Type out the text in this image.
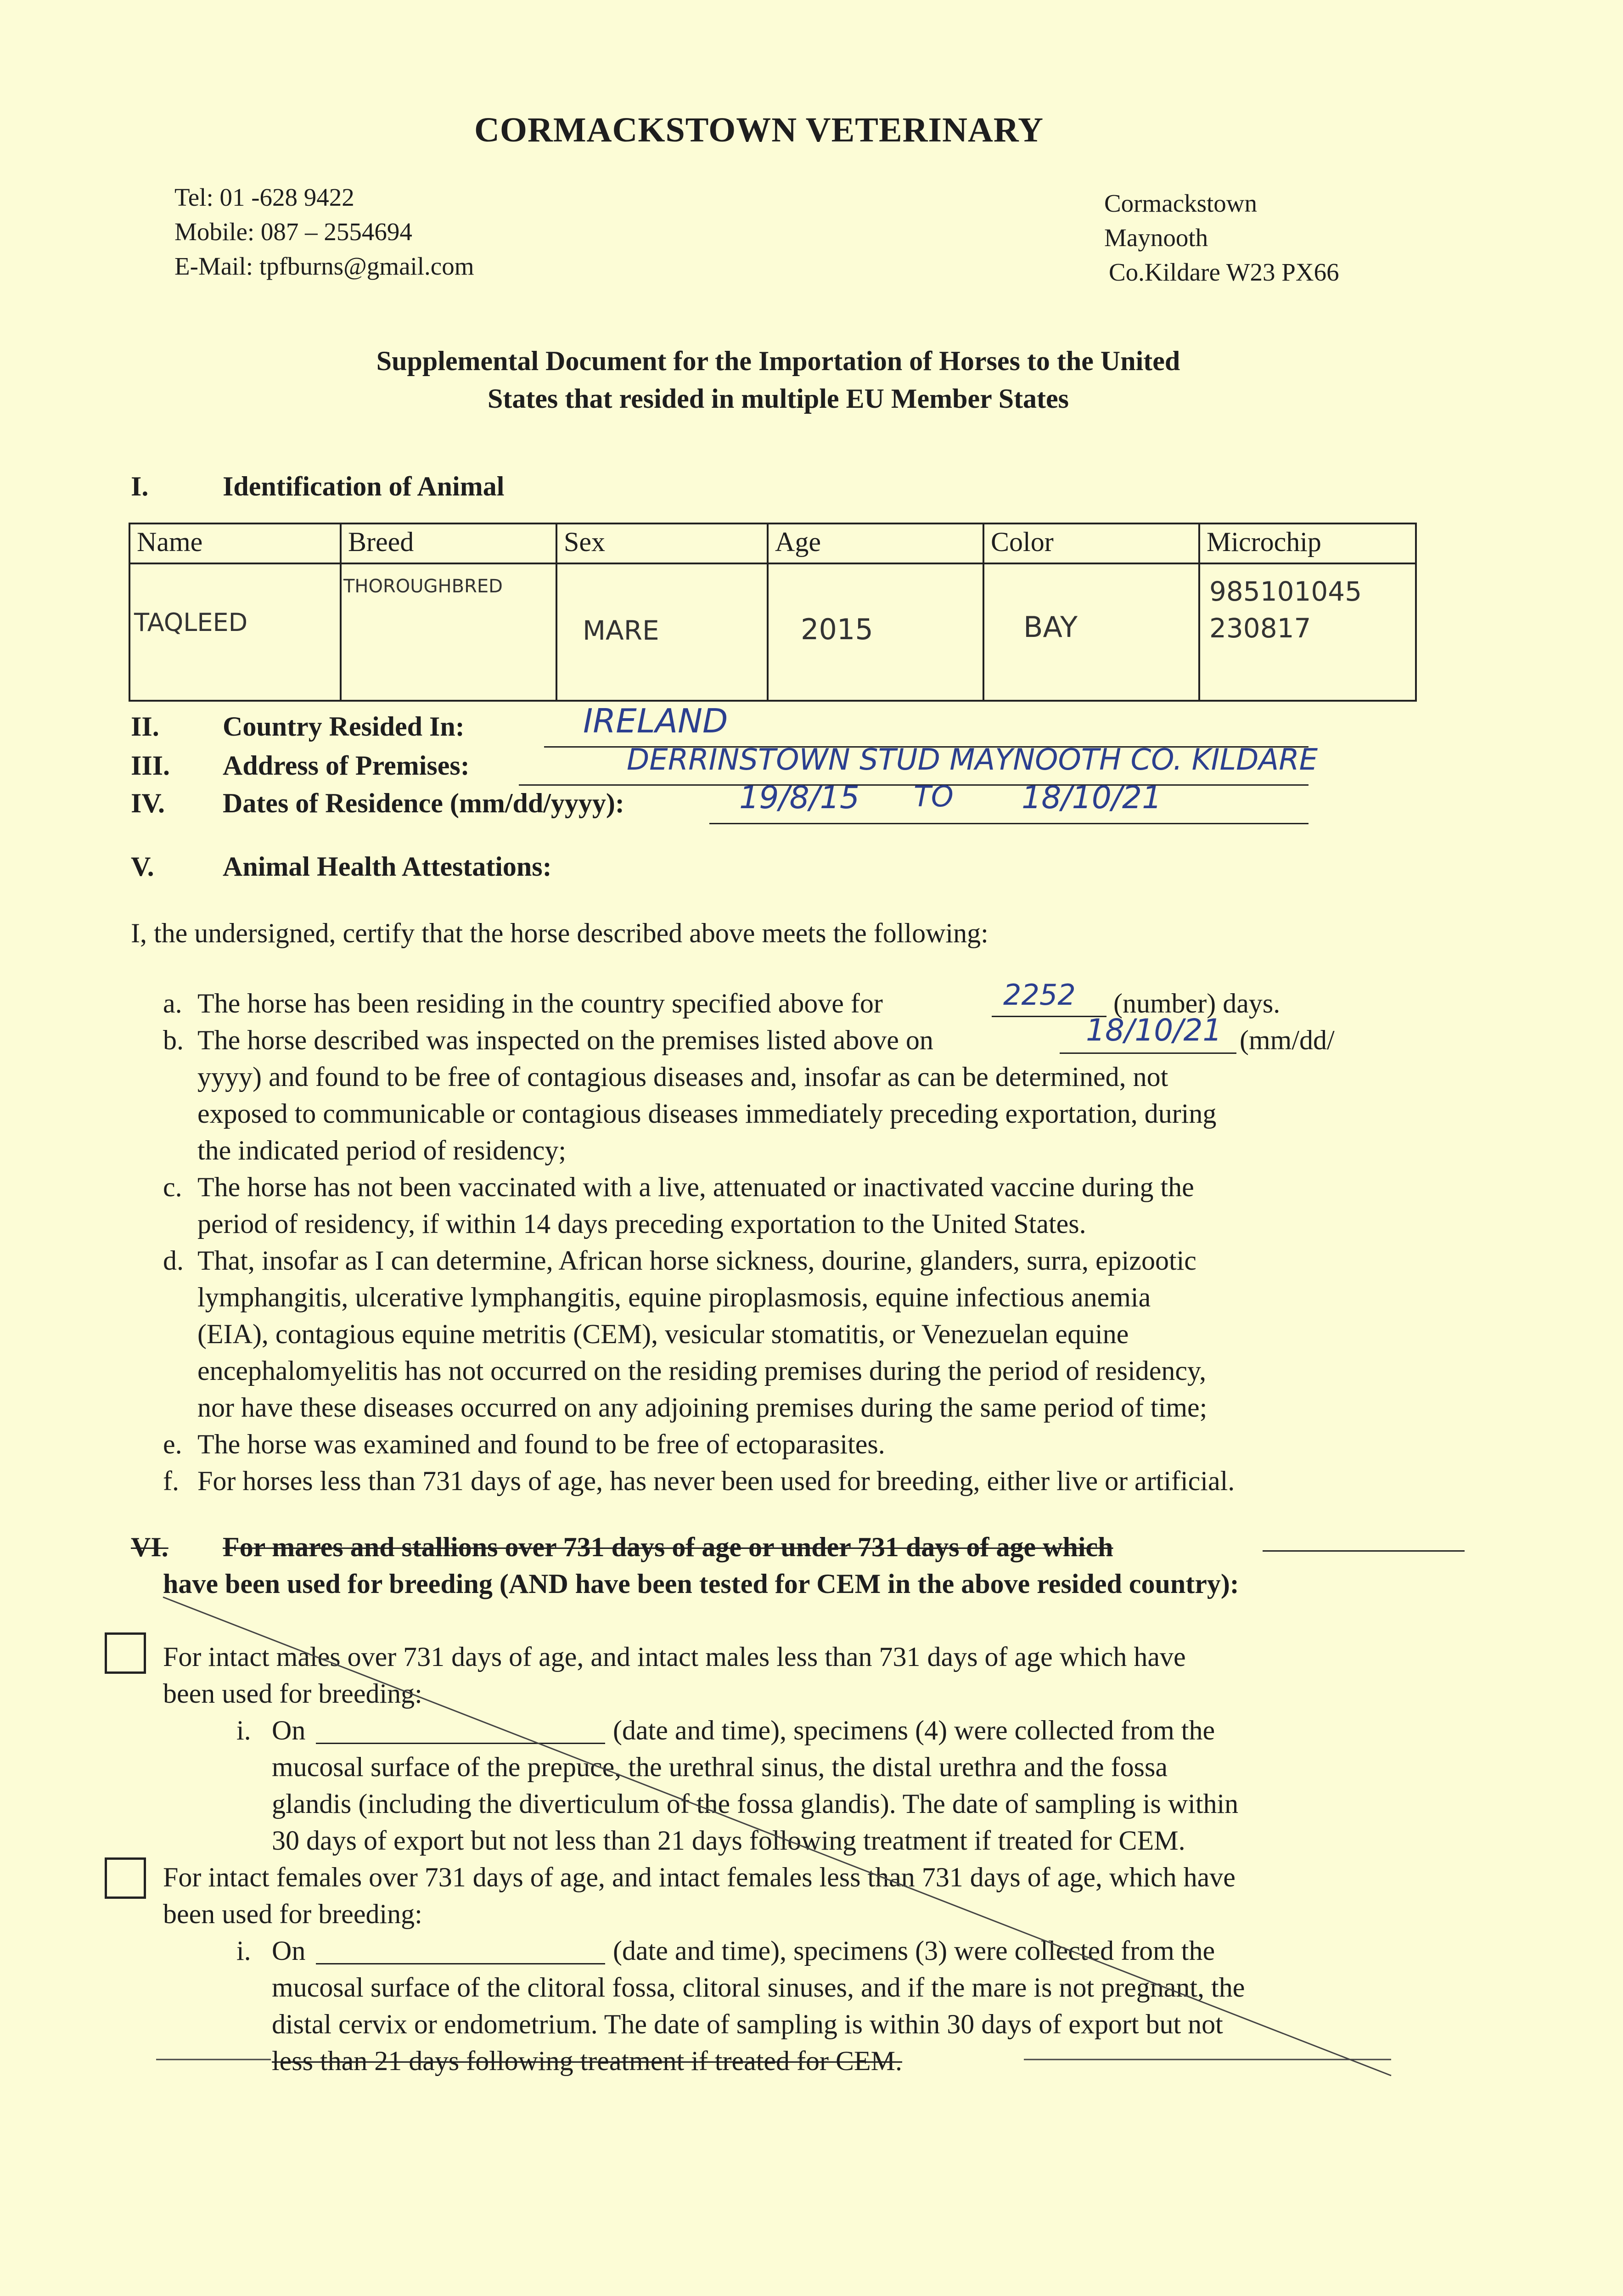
CORMACKSTOWN VETERINARY
Tel: 01 -628 9422
Mobile: 087 – 2554694
E-Mail: tpfburns@gmail.com
Cormackstown
Maynooth
Co.Kildare W23 PX66
Supplemental Document for the Importation of Horses to the United
States that resided in multiple EU Member States
I.	Identification of Animal
Name	Breed	Sex	Age	Color	Microchip

TAQLEED	THOROUGHBRED	MARE	2015	BAY	985101045
230817
II. Country Resided In:	IRELAND
III. Address of Premises:	DERRINSTOWN STUD MAYNOOTH CO. KILDARE
IV. Dates of Residence (mm/dd/yyyy):	19/8/15 TO 18/10/21
V. Animal Health Attestations:
I, the undersigned, certify that the horse described above meets the following:
a. The horse has been residing in the country specified above for	2252 (number) days.
b. The horse described was inspected on the premises listed above on	18/10/21 (mm/dd/
yyyy) and found to be free of contagious diseases and, insofar as can be determined, not
exposed to communicable or contagious diseases immediately preceding exportation, during
the indicated period of residency;
c. The horse has not been vaccinated with a live, attenuated or inactivated vaccine during the
period of residency, if within 14 days preceding exportation to the United States.
d. That, insofar as I can determine, African horse sickness, dourine, glanders, surra, epizootic
lymphangitis, ulcerative lymphangitis, equine piroplasmosis, equine infectious anemia
(EIA), contagious equine metritis (CEM), vesicular stomatitis, or Venezuelan equine
encephalomyelitis has not occurred on the residing premises during the period of residency,
nor have these diseases occurred on any adjoining premises during the same period of time;
e. The horse was examined and found to be free of ectoparasites.
f. For horses less than 731 days of age, has never been used for breeding, either live or artificial.
VI. For mares and stallions over 731 days of age or under 731 days of age which
have been used for breeding (AND have been tested for CEM in the above resided country):
For intact males over 731 days of age, and intact males less than 731 days of age which have
been used for breeding:
i. On	(date and time), specimens (4) were collected from the
mucosal surface of the prepuce, the urethral sinus, the distal urethra and the fossa
glandis (including the diverticulum of the fossa glandis). The date of sampling is within
30 days of export but not less than 21 days following treatment if treated for CEM.
For intact females over 731 days of age, and intact females less than 731 days of age, which have
been used for breeding:
i. On	(date and time), specimens (3) were collected from the
mucosal surface of the clitoral fossa, clitoral sinuses, and if the mare is not pregnant, the
distal cervix or endometrium. The date of sampling is within 30 days of export but not
less than 21 days following treatment if treated for CEM.
